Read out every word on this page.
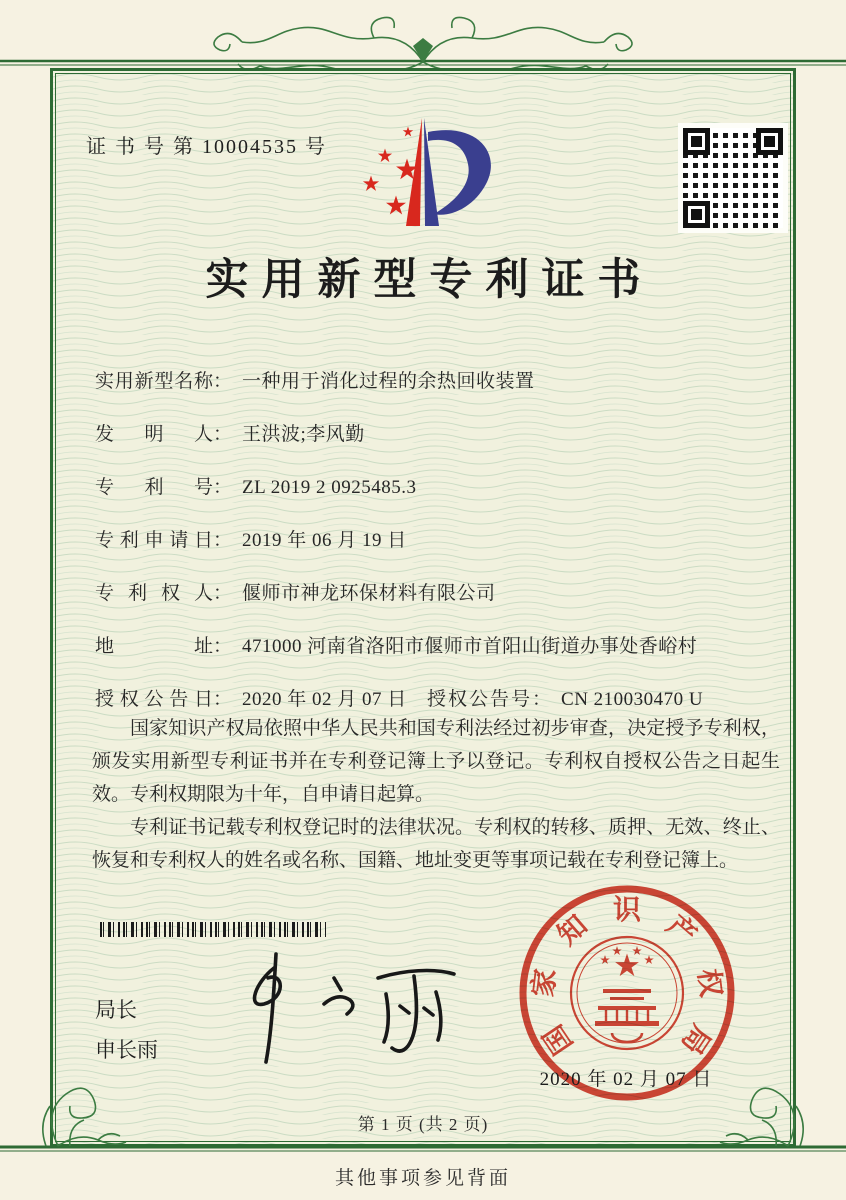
证 书 号 第 10004535 号
实用新型专利证书
实用新型名称： 一种用于消化过程的余热回收装置
发明人： 王洪波;李风勤
专利号： ZL 2019 2 0925485.3
专利申请日： 2019 年 06 月 19 日
专利权人： 偃师市神龙环保材料有限公司
地址： 471000 河南省洛阳市偃师市首阳山街道办事处香峪村
授权公告日： 2020 年 02 月 07 日 授权公告号： CN 210030470 U

国家知识产权局依照中华人民共和国专利法经过初步审查，决定授予专利权，颁发实用新型专利证书并在专利登记簿上予以登记。专利权自授权公告之日起生效。专利权期限为十年，自申请日起算。

专利证书记载专利权登记时的法律状况。专利权的转移、质押、无效、终止、恢复和专利权人的姓名或名称、国籍、地址变更等事项记载在专利登记簿上。

局长
申长雨	国
家
知 识 产
权
局
2020 年 02 月 07 日
第 1 页 (共 2 页)
其他事项参见背面
